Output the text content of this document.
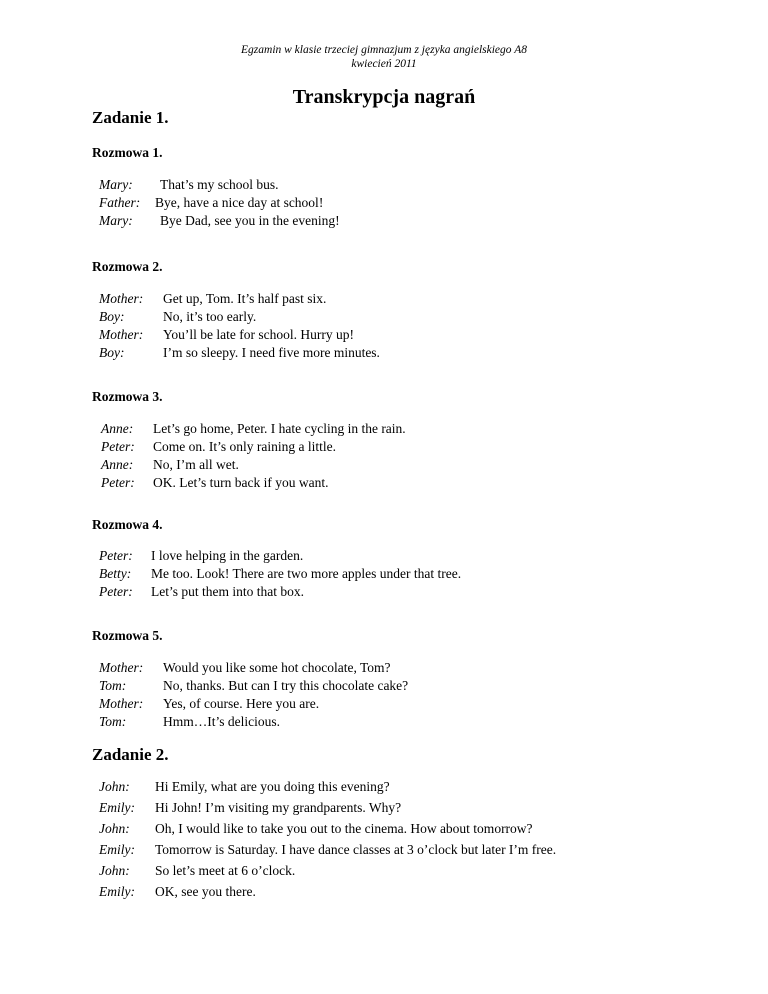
Egzamin w klasie trzeciej gimnazjum z języka angielskiego A8
kwiecień 2011
Transkrypcja nagrań
Zadanie 1.
Rozmowa 1.
Mary: That’s my school bus.
Father: Bye, have a nice day at school!
Mary: Bye Dad, see you in the evening!
Rozmowa 2.
Mother: Get up, Tom. It’s half past six.
Boy:	No, it’s too early.
Mother: You’ll be late for school. Hurry up!
Boy:	I’m so sleepy. I need five more minutes.
Rozmowa 3.
Anne: Let’s go home, Peter. I hate cycling in the rain.
Peter: Come on. It’s only raining a little.
Anne: No, I’m all wet.
Peter: OK. Let’s turn back if you want.
Rozmowa 4.
Peter: I love helping in the garden.
Betty: Me too. Look! There are two more apples under that tree.
Peter: Let’s put them into that box.
Rozmowa 5.
Mother: Would you like some hot chocolate, Tom?
Tom:	No, thanks. But can I try this chocolate cake?
Mother: Yes, of course. Here you are.
Tom:	Hmm…It’s delicious.
Zadanie 2.
John: Hi Emily, what are you doing this evening?
Emily: Hi John! I’m visiting my grandparents. Why?
John: Oh, I would like to take you out to the cinema. How about tomorrow?
Emily: Tomorrow is Saturday. I have dance classes at 3 o’clock but later I’m free.
John: So let’s meet at 6 o’clock.
Emily: OK, see you there.
